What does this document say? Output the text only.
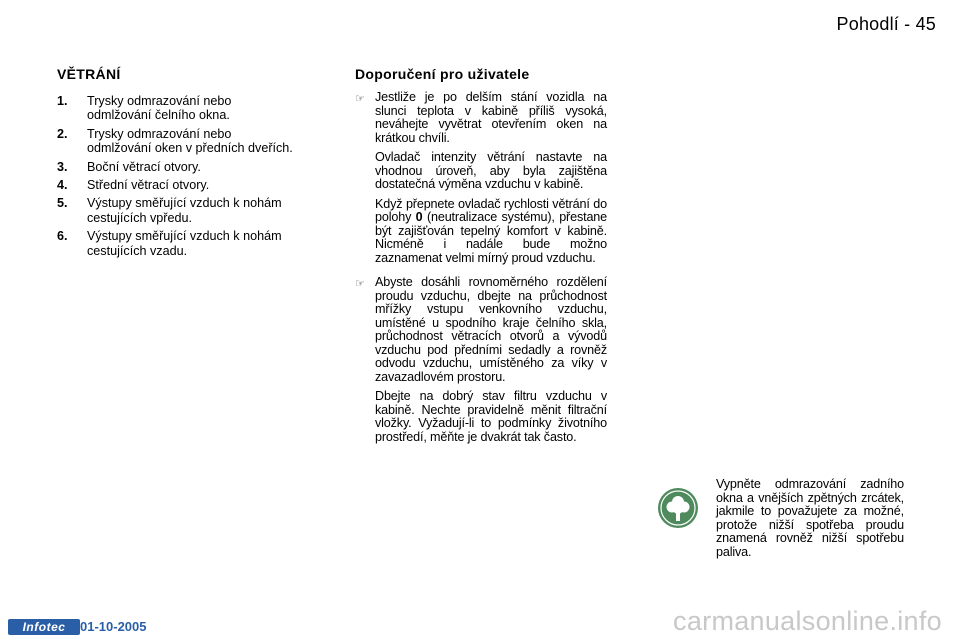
Pohodlí - 45
VĚTRÁNÍ
1.	Trysky odmrazování nebo odmlžování čelního okna.
2.	Trysky odmrazování nebo odmlžování oken v předních dveřích.
3.	Boční větrací otvory.
4.	Střední větrací otvory.
5.	Výstupy směřující vzduch k nohám cestujících vpředu.
6.	Výstupy směřující vzduch k nohám cestujících vzadu.
Doporučení pro uživatele
☞ Jestliže je po delším stání vozidla na slunci teplota v kabině příliš vysoká, neváhejte vyvětrat otevřením oken na krátkou chvíli.

Ovladač intenzity větrání nastavte na vhodnou úroveň, aby byla zajištěna dostatečná výměna vzduchu v kabině.

Když přepnete ovladač rychlosti větrání do polohy 0 (neutralizace systému), přestane být zajišťován tepelný komfort v kabině. Nicméně i nadále bude možno zaznamenat velmi mírný proud vzduchu.

☞ Abyste dosáhli rovnoměrného rozdělení proudu vzduchu, dbejte na průchodnost mřížky vstupu venkovního vzduchu, umístěné u spodního kraje čelního skla, průchodnost větracích otvorů a vývodů vzduchu pod předními sedadly a rovněž odvodu vzduchu, umístěného za víky v zavazadlovém prostoru.

Dbejte na dobrý stav filtru vzduchu v kabině. Nechte pravidelně měnit filtrační vložky. Vyžadují-li to podmínky životního prostředí, měňte je dvakrát tak často.

Vypněte odmrazování zadního okna a vnějších zpětných zrcátek, jakmile to považujete za možné, protože nižší spotřeba proudu znamená rovněž nižší spotřebu paliva.

Infotec	01-10-2005	carmanualsonline.info
